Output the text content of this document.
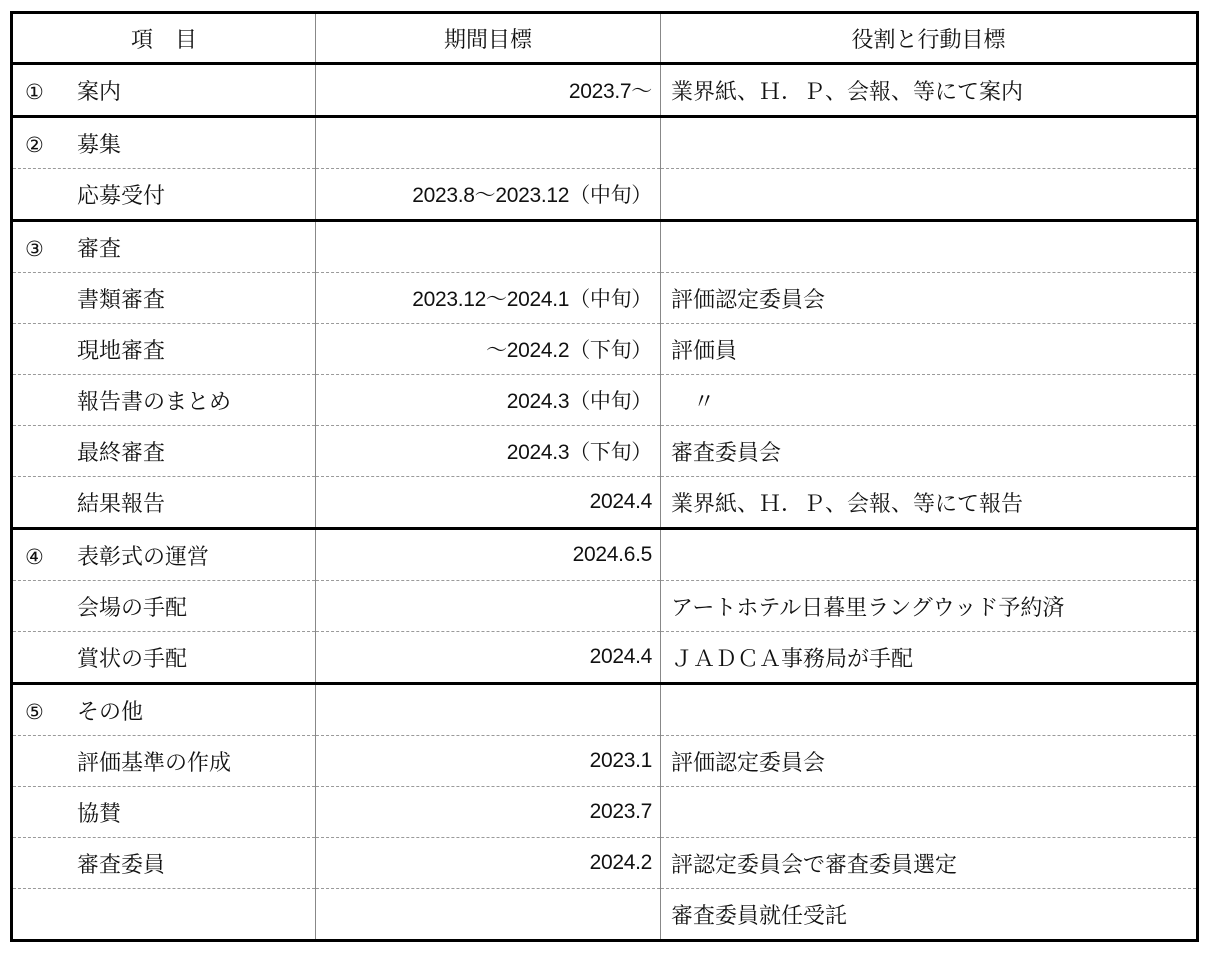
項　目	期間目標	役割と行動目標
① 案内	2023.7～	業界紙、Ｈ．Ｐ、会報、等にて案内
② 募集		
応募受付	2023.8～2023.12（中旬）	
③ 審査		
書類審査	2023.12～2024.1（中旬）	評価認定委員会
現地審査	～2024.2（下旬）	評価員
報告書のまとめ	2024.3（中旬）	　〃
最終審査	2024.3（下旬）	審査委員会
結果報告	2024.4	業界紙、Ｈ．Ｐ、会報、等にて報告
④ 表彰式の運営	2024.6.5	
会場の手配		アートホテル日暮里ラングウッド予約済
賞状の手配	2024.4	ＪＡＤＣＡ事務局が手配
⑤ その他		
評価基準の作成	2023.1	評価認定委員会
協賛	2023.7	
審査委員	2024.2	評認定委員会で審査委員選定
		審査委員就任受託
